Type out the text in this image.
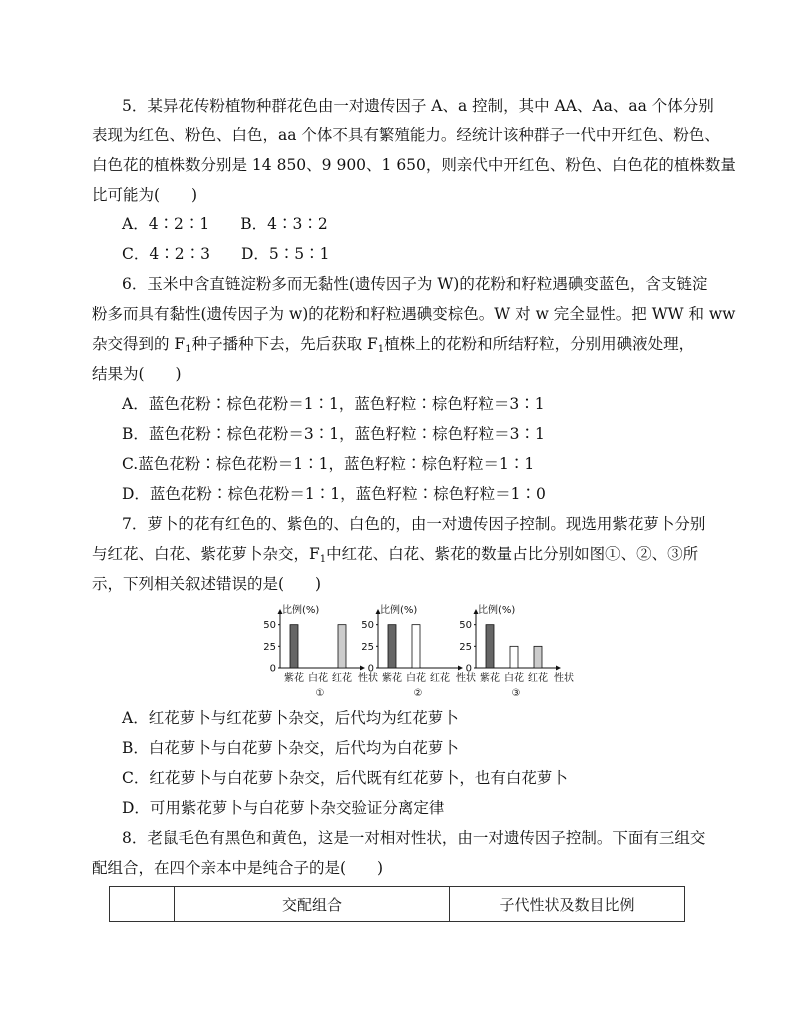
5．某异花传粉植物种群花色由一对遗传因子 A、a 控制，其中 AA、Aa、aa 个体分别
表现为红色、粉色、白色，aa 个体不具有繁殖能力。经统计该种群子一代中开红色、粉色、
白色花的植株数分别是 14 850、9 900、1 650，则亲代中开红色、粉色、白色花的植株数量
比可能为(　　)
A．4∶2∶1　　B．4∶3∶2
C．4∶2∶3　　D．5∶5∶1
6．玉米中含直链淀粉多而无黏性(遗传因子为 W)的花粉和籽粒遇碘变蓝色，含支链淀
粉多而具有黏性(遗传因子为 w)的花粉和籽粒遇碘变棕色。W 对 w 完全显性。把 WW 和 ww
杂交得到的 $F_1$种子播种下去，先后获取 $F_1$植株上的花粉和所结籽粒，分别用碘液处理，
结果为(　　)
A．蓝色花粉∶棕色花粉＝1∶1，蓝色籽粒∶棕色籽粒＝3∶1
B．蓝色花粉∶棕色花粉＝3∶1，蓝色籽粒∶棕色籽粒＝3∶1
C.蓝色花粉∶棕色花粉＝1∶1，蓝色籽粒∶棕色籽粒＝1∶1
D．蓝色花粉∶棕色花粉＝1∶1，蓝色籽粒∶棕色籽粒＝1∶0
7．萝卜的花有红色的、紫色的、白色的，由一对遗传因子控制。现选用紫花萝卜分别
与红花、白花、紫花萝卜杂交，$F_1$中红花、白花、紫花的数量占比分别如图①、②、③所
示，下列相关叙述错误的是(　　)
比例(%)
50
25
0
紫花 白花 红花 性状
①
比例(%)
50
25
0
紫花 白花 红花 性状
②
比例(%)
50
25
0
紫花 白花 红花 性状
③
A．红花萝卜与红花萝卜杂交，后代均为红花萝卜
B．白花萝卜与白花萝卜杂交，后代均为白花萝卜
C．红花萝卜与白花萝卜杂交，后代既有红花萝卜，也有白花萝卜
D．可用紫花萝卜与白花萝卜杂交验证分离定律
8．老鼠毛色有黑色和黄色，这是一对相对性状，由一对遗传因子控制。下面有三组交
配组合，在四个亲本中是纯合子的是(　　)
	交配组合	子代性状及数目比例
